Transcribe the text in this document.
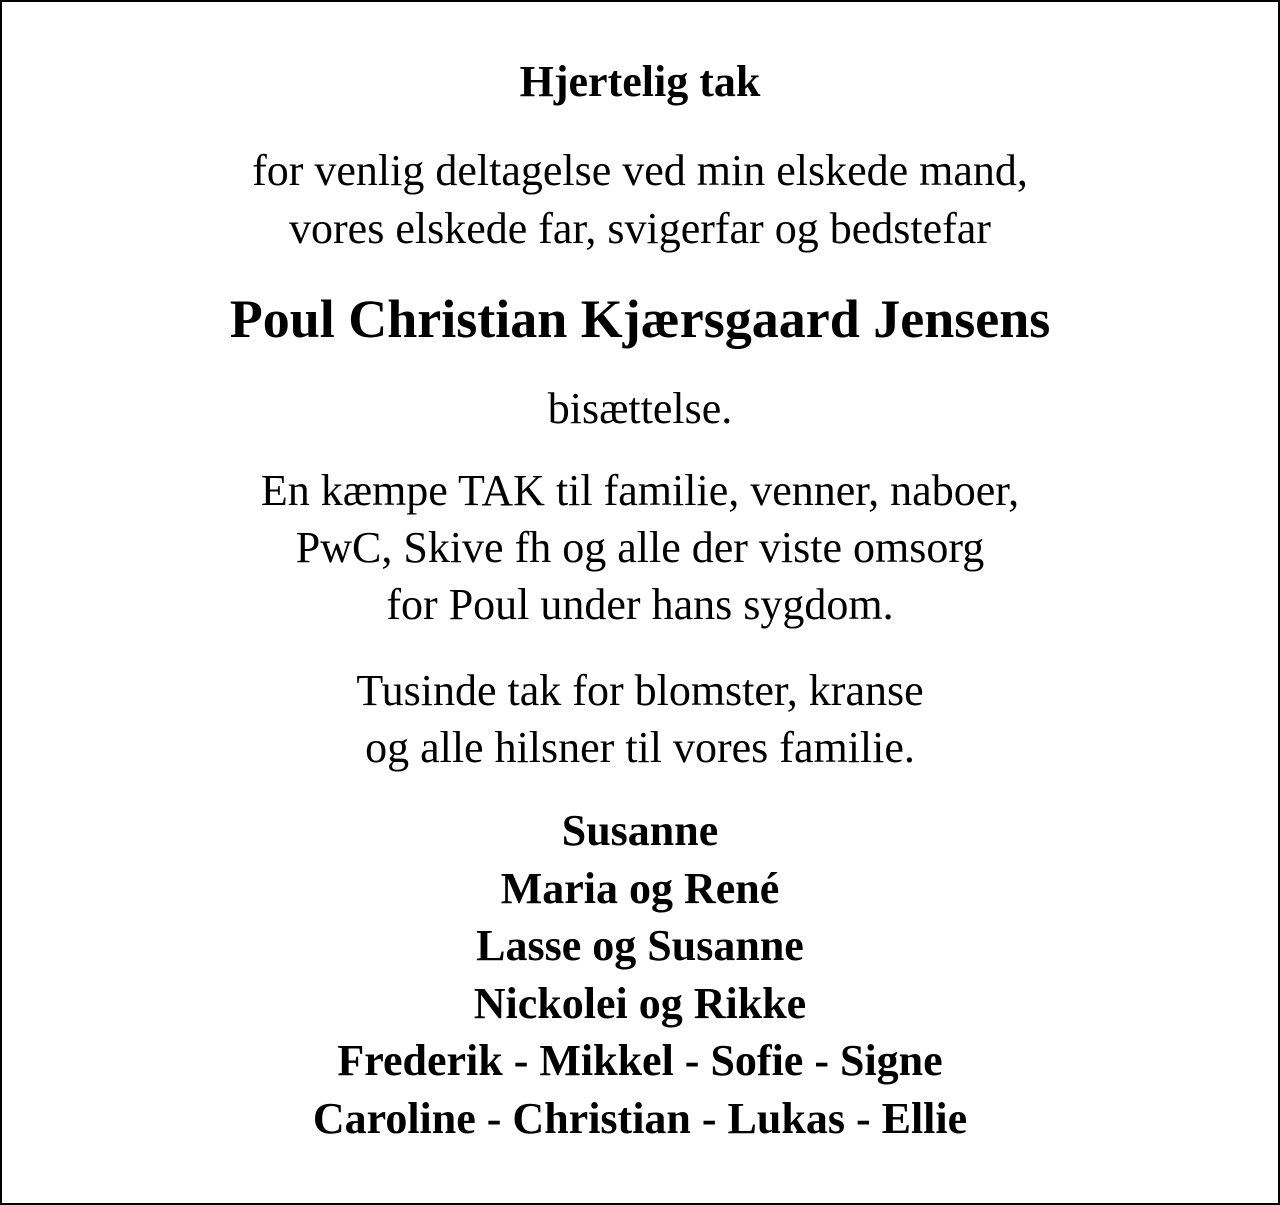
Hjertelig tak

for venlig deltagelse ved min elskede mand,
vores elskede far, svigerfar og bedstefar

Poul Christian Kjærsgaard Jensens

bisættelse.

En kæmpe TAK til familie, venner, naboer,
PwC, Skive fh og alle der viste omsorg
for Poul under hans sygdom.

Tusinde tak for blomster, kranse
og alle hilsner til vores familie.

Susanne
Maria og René
Lasse og Susanne
Nickolei og Rikke
Frederik - Mikkel - Sofie - Signe
Caroline - Christian - Lukas - Ellie
